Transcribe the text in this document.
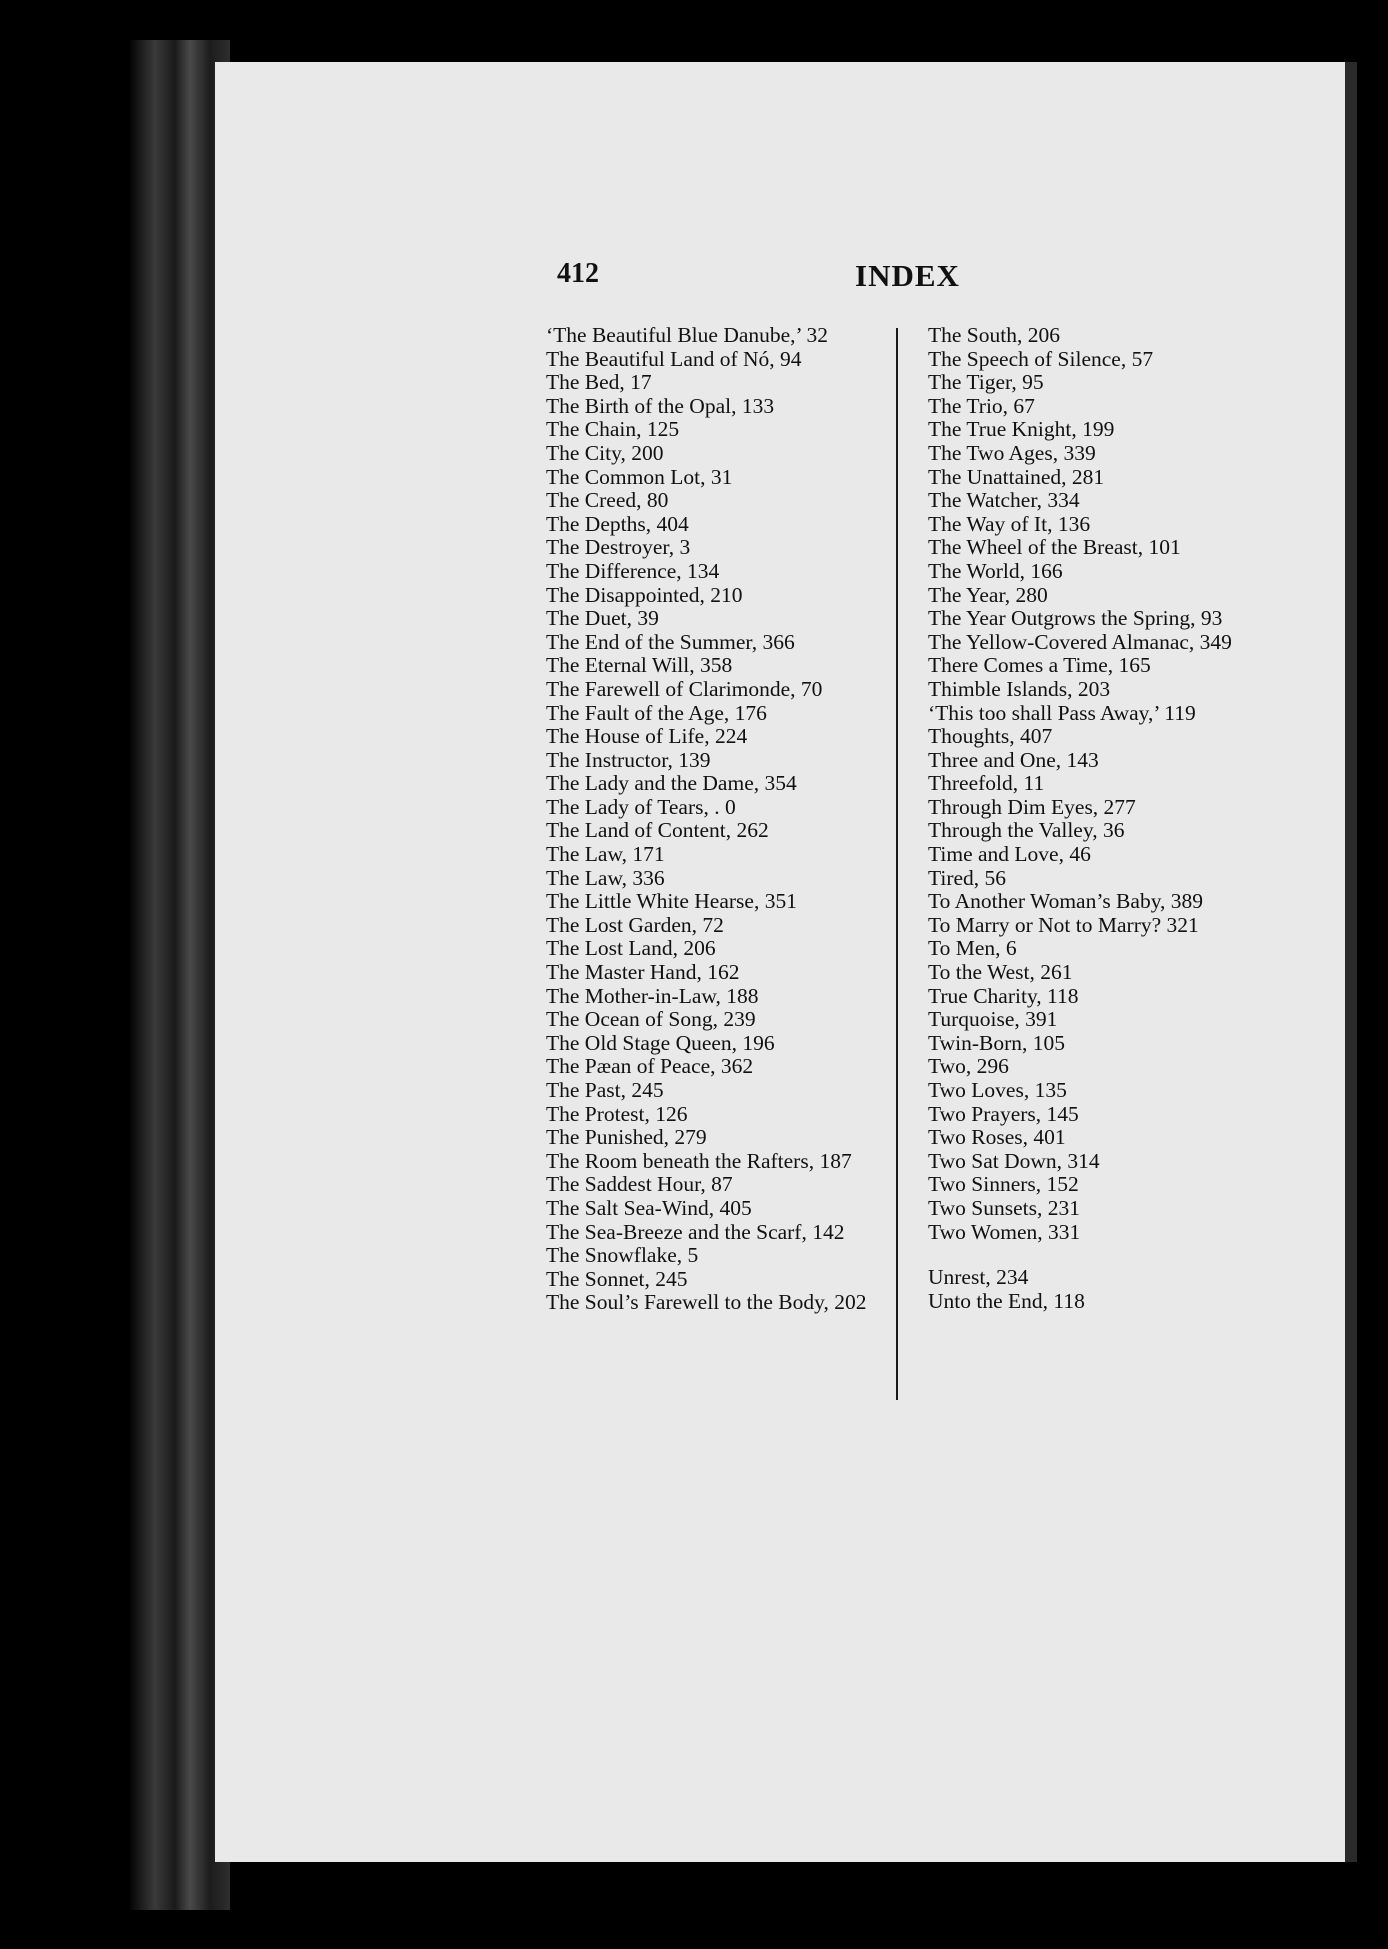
412	INDEX
‘The Beautiful Blue Danube,’ 32
The Beautiful Land of Nó, 94
The Bed, 17
The Birth of the Opal, 133
The Chain, 125
The City, 200
The Common Lot, 31
The Creed, 80
The Depths, 404
The Destroyer, 3
The Difference, 134
The Disappointed, 210
The Duet, 39
The End of the Summer, 366
The Eternal Will, 358
The Farewell of Clarimonde, 70
The Fault of the Age, 176
The House of Life, 224
The Instructor, 139
The Lady and the Dame, 354
The Lady of Tears, . 0
The Land of Content, 262
The Law, 171
The Law, 336
The Little White Hearse, 351
The Lost Garden, 72
The Lost Land, 206
The Master Hand, 162
The Mother-in-Law, 188
The Ocean of Song, 239
The Old Stage Queen, 196
The Pæan of Peace, 362
The Past, 245
The Protest, 126
The Punished, 279
The Room beneath the Rafters, 187
The Saddest Hour, 87
The Salt Sea-Wind, 405
The Sea-Breeze and the Scarf, 142
The Snowflake, 5
The Sonnet, 245
The Soul’s Farewell to the Body, 202
The South, 206
The Speech of Silence, 57
The Tiger, 95
The Trio, 67
The True Knight, 199
The Two Ages, 339
The Unattained, 281
The Watcher, 334
The Way of It, 136
The Wheel of the Breast, 101
The World, 166
The Year, 280
The Year Outgrows the Spring, 93
The Yellow-Covered Almanac, 349
There Comes a Time, 165
Thimble Islands, 203
‘This too shall Pass Away,’ 119
Thoughts, 407
Three and One, 143
Threefold, 11
Through Dim Eyes, 277
Through the Valley, 36
Time and Love, 46
Tired, 56
To Another Woman’s Baby, 389
To Marry or Not to Marry? 321
To Men, 6
To the West, 261
True Charity, 118
Turquoise, 391
Twin-Born, 105
Two, 296
Two Loves, 135
Two Prayers, 145
Two Roses, 401
Two Sat Down, 314
Two Sinners, 152
Two Sunsets, 231
Two Women, 331
Unrest, 234
Unto the End, 118
